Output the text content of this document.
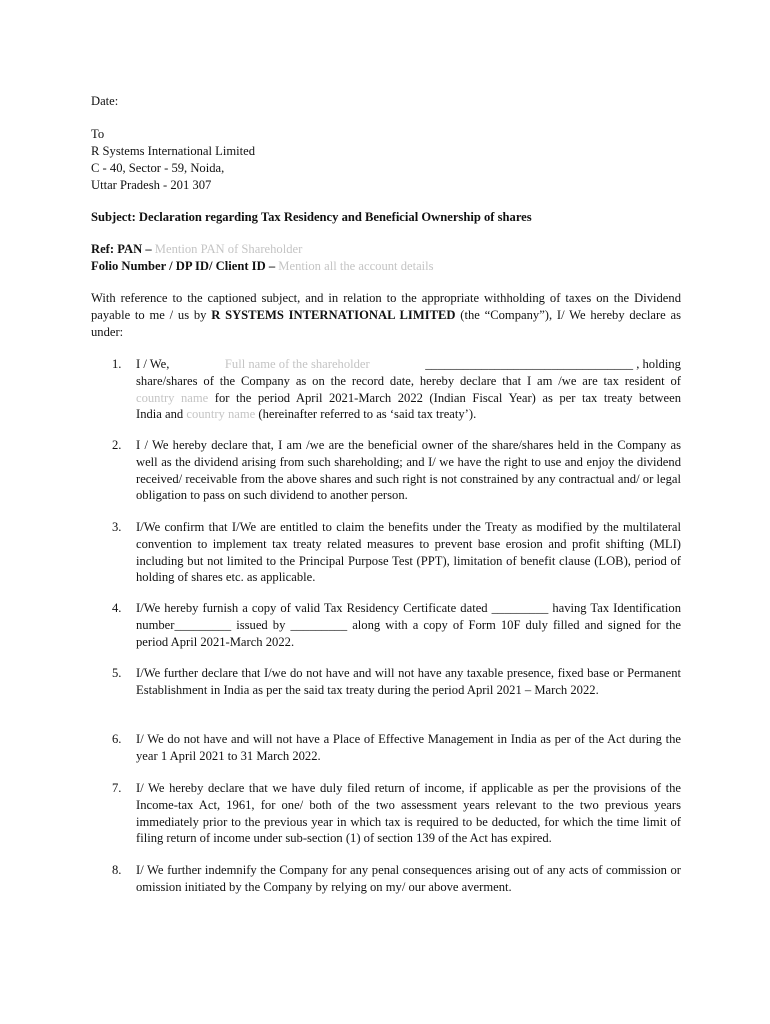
Date:
To
R Systems International Limited
C - 40, Sector - 59, Noida,
Uttar Pradesh - 201 307
Subject: Declaration regarding Tax Residency and Beneficial Ownership of shares
Ref: PAN – Mention PAN of Shareholder
Folio Number / DP ID/ Client ID – Mention all the account details
With reference to the captioned subject, and in relation to the appropriate withholding of taxes on the Dividend payable to me / us by R SYSTEMS INTERNATIONAL LIMITED (the “Company”), I/ We hereby declare as under:
1. I / We,	Full name of the shareholder	_________________________________ , holding
share/shares of the Company as on the record date, hereby declare that I am /we are tax resident of
country name for the period April 2021-March 2022 (Indian Fiscal Year) as per tax treaty between
India and country name (hereinafter referred to as ‘said tax treaty’).
2. I / We hereby declare that, I am /we are the beneficial owner of the share/shares held in the Company as well as the dividend arising from such shareholding; and I/ we have the right to use and enjoy the dividend received/ receivable from the above shares and such right is not constrained by any contractual and/ or legal obligation to pass on such dividend to another person.
3. I/We confirm that I/We are entitled to claim the benefits under the Treaty as modified by the multilateral convention to implement tax treaty related measures to prevent base erosion and profit shifting (MLI) including but not limited to the Principal Purpose Test (PPT), limitation of benefit clause (LOB), period of holding of shares etc. as applicable.
4. I/We hereby furnish a copy of valid Tax Residency Certificate dated _________ having Tax Identification number_________ issued by _________ along with a copy of Form 10F duly filled and signed for the period April 2021-March 2022.
5. I/We further declare that I/we do not have and will not have any taxable presence, fixed base or Permanent Establishment in India as per the said tax treaty during the period April 2021 – March 2022.
6. I/ We do not have and will not have a Place of Effective Management in India as per of the Act during the year 1 April 2021 to 31 March 2022.
7. I/ We hereby declare that we have duly filed return of income, if applicable as per the provisions of the Income-tax Act, 1961, for one/ both of the two assessment years relevant to the two previous years immediately prior to the previous year in which tax is required to be deducted, for which the time limit of filing return of income under sub-section (1) of section 139 of the Act has expired.
8. I/ We further indemnify the Company for any penal consequences arising out of any acts of commission or omission initiated by the Company by relying on my/ our above averment.
